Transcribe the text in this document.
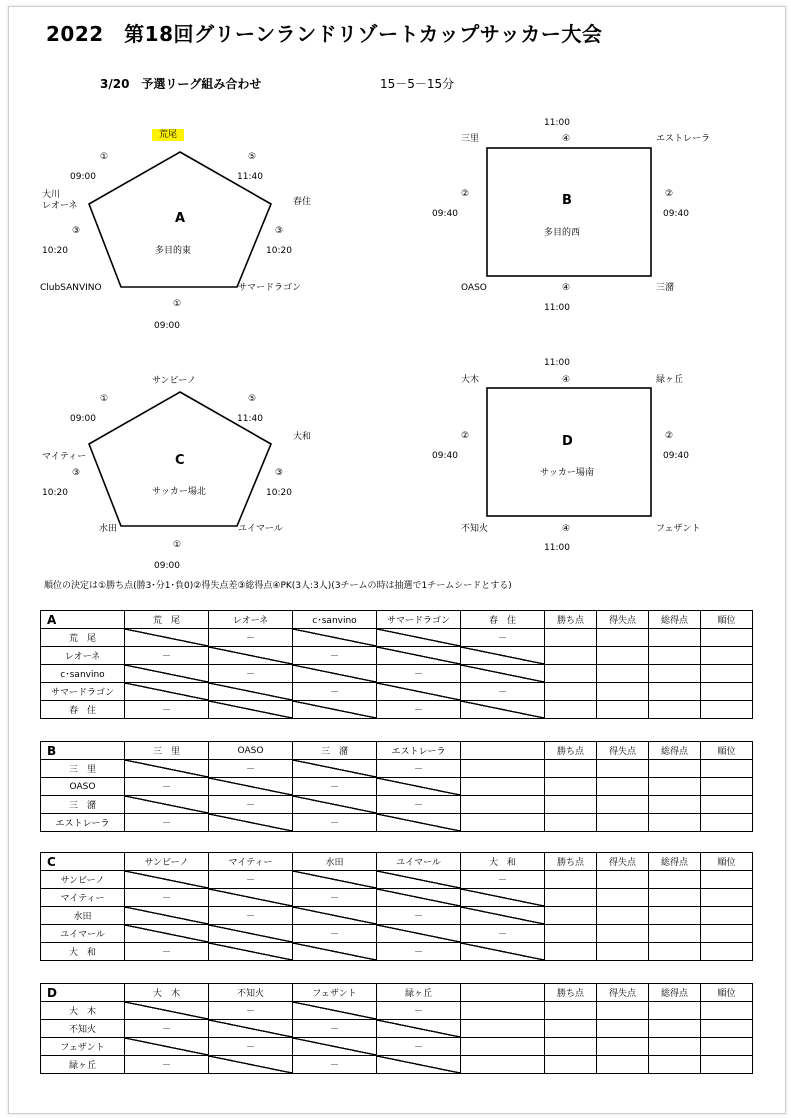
2022　第18回グリーンランドリゾートカップサッカー大会
3/20　予選リーグ組み合わせ	15－5－15分
荒尾
①
09:00
⑤
11:40
春住
大川
レオーネ
③
10:20
③
10:20
A
多目的東
ClubSANVINO	サマードラゴン
①
09:00
11:00
三里	④	エストレーラ
②
09:40
②
09:40
B
多目的西
OASO	④	三潴
11:00
サンビーノ
①
09:00
⑤
11:40
大和
マイティー
③
10:20
③
10:20
C
サッカー場北
水田	ユイマール
①
09:00
11:00
大木	④	緑ヶ丘
②
09:40
②
09:40
D
サッカー場南
不知火	④	フェザント
11:00
順位の決定は①勝ち点(勝3･分1･負0)②得失点差③総得点④PK(3人:3人)(3チームの時は抽選で1チームシードとする)
A	荒　尾	レオーネ	c･sanvino	サマードラゴン	春　住	勝ち点	得失点	総得点	順位
荒　尾		－			－				
レオーネ	－		－						
c･sanvino		－		－					
サマードラゴン			－		－				
春　住	－			－					
B	三　里	OASO	三　潴	エストレーラ		勝ち点	得失点	総得点	順位
三　里		－		－					
OASO	－		－						
三　潴		－		－					
エストレーラ	－		－						
C	サンビーノ	マイティー	水田	ユイマール	大　和	勝ち点	得失点	総得点	順位
サンビーノ		－			－				
マイティー	－		－						
水田		－		－					
ユイマール			－		－				
大　和	－			－					
D	大　木	不知火	フェザント	緑ヶ丘		勝ち点	得失点	総得点	順位
大　木		－		－					
不知火	－		－						
フェザント		－		－					
緑ヶ丘	－		－						
